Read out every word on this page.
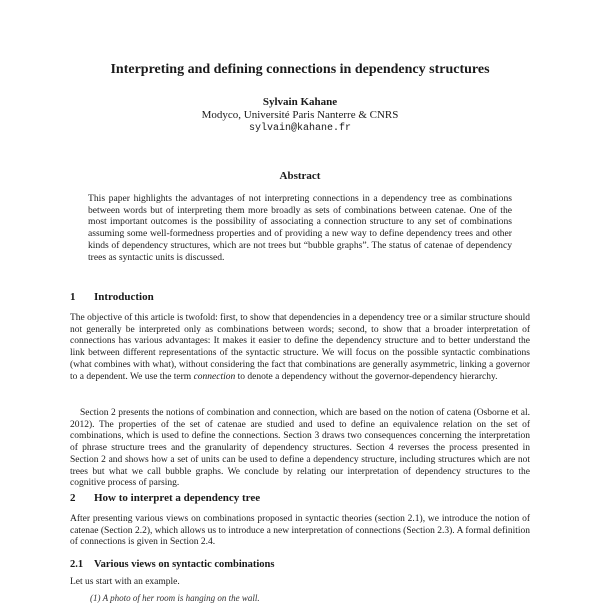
Interpreting and defining connections in dependency structures
Sylvain Kahane
Modyco, Université Paris Nanterre & CNRS
sylvain@kahane.fr
Abstract

This paper highlights the advantages of not interpreting connections in a dependency tree as combinations between words but of interpreting them more broadly as sets of combinations between catenae. One of the most important outcomes is the possibility of associating a connection structure to any set of combinations assuming some well-formedness properties and of providing a new way to define dependency trees and other kinds of dependency structures, which are not trees but “bubble graphs”. The status of catenae of dependency trees as syntactic units is discussed.

1 Introduction

The objective of this article is twofold: first, to show that dependencies in a dependency tree or a similar structure should not generally be interpreted only as combinations between words; second, to show that a broader interpretation of connections has various advantages: It makes it easier to define the dependency structure and to better understand the link between different representations of the syntactic structure. We will focus on the possible syntactic combinations (what combines with what), without considering the fact that combinations are generally asymmetric, linking a governor to a dependent. We use the term connection to denote a dependency without the governor-dependency hierarchy.

Section 2 presents the notions of combination and connection, which are based on the notion of catena (Osborne et al. 2012). The properties of the set of catenae are studied and used to define an equivalence relation on the set of combinations, which is used to define the connections. Section 3 draws two consequences concerning the interpretation of phrase structure trees and the granularity of dependency structures. Section 4 reverses the process presented in Section 2 and shows how a set of units can be used to define a dependency structure, including structures which are not trees but what we call bubble graphs. We conclude by relating our interpretation of dependency structures to the cognitive process of parsing.

2 How to interpret a dependency tree

After presenting various views on combinations proposed in syntactic theories (section 2.1), we introduce the notion of catenae (Section 2.2), which allows us to introduce a new interpretation of connections (Section 2.3). A formal definition of connections is given in Section 2.4.

2.1 Various views on syntactic combinations

Let us start with an example.

(1) A photo of her room is hanging on the wall.
